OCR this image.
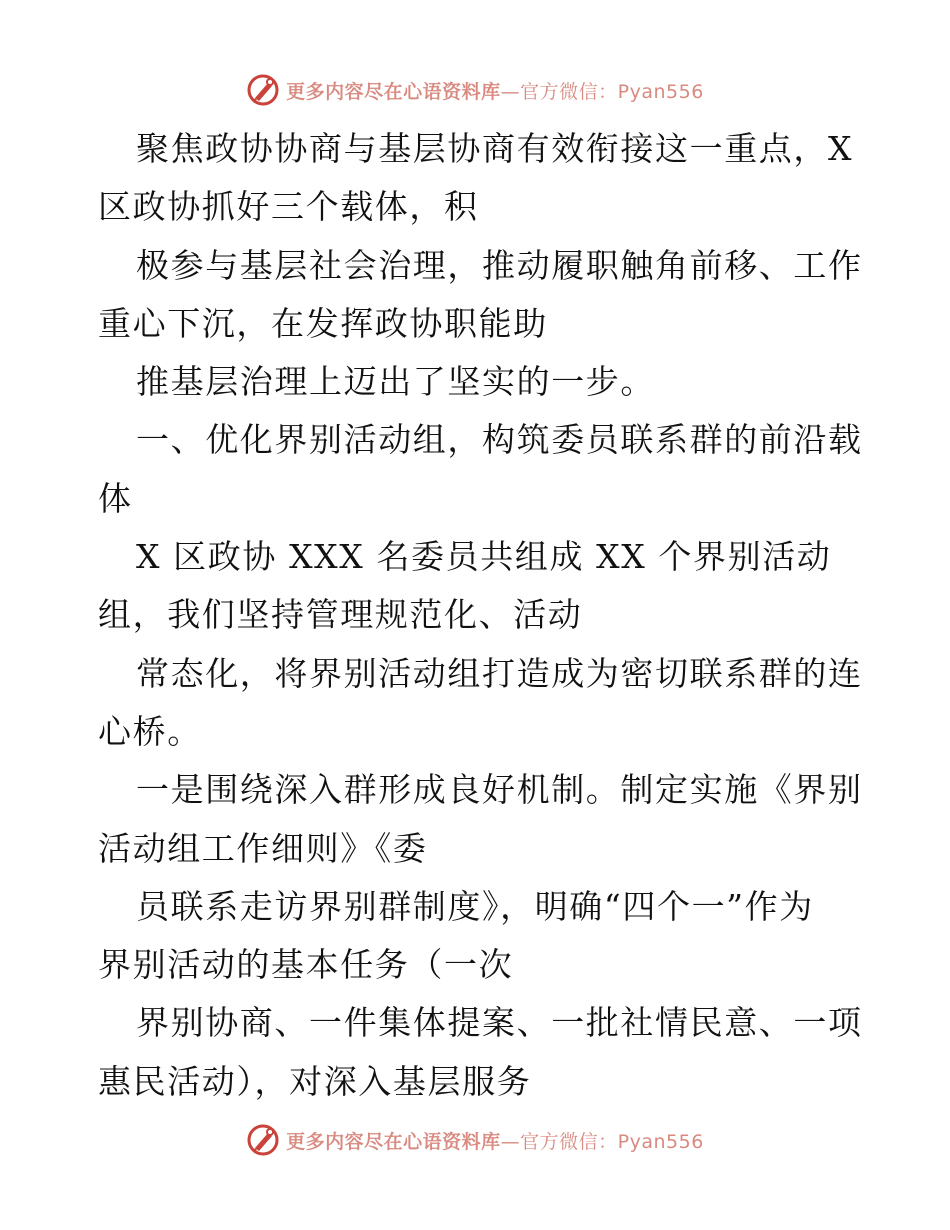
更多内容尽在心语资料库—官方微信：Pyan556
聚焦政协协商与基层协商有效衔接这一重点，X
区政协抓好三个载体，积
极参与基层社会治理，推动履职触角前移、工作
重心下沉，在发挥政协职能助
推基层治理上迈出了坚实的一步。
一、优化界别活动组，构筑委员联系群的前沿载
体
X 区政协 XXX 名委员共组成 XX 个界别活动
组，我们坚持管理规范化、活动
常态化，将界别活动组打造成为密切联系群的连
心桥。
一是围绕深入群形成良好机制。制定实施《界别
活动组工作细则》《委
员联系走访界别群制度》，明确“四个一”作为
界别活动的基本任务（一次
界别协商、一件集体提案、一批社情民意、一项
惠民活动），对深入基层服务
更多内容尽在心语资料库—官方微信：Pyan556
